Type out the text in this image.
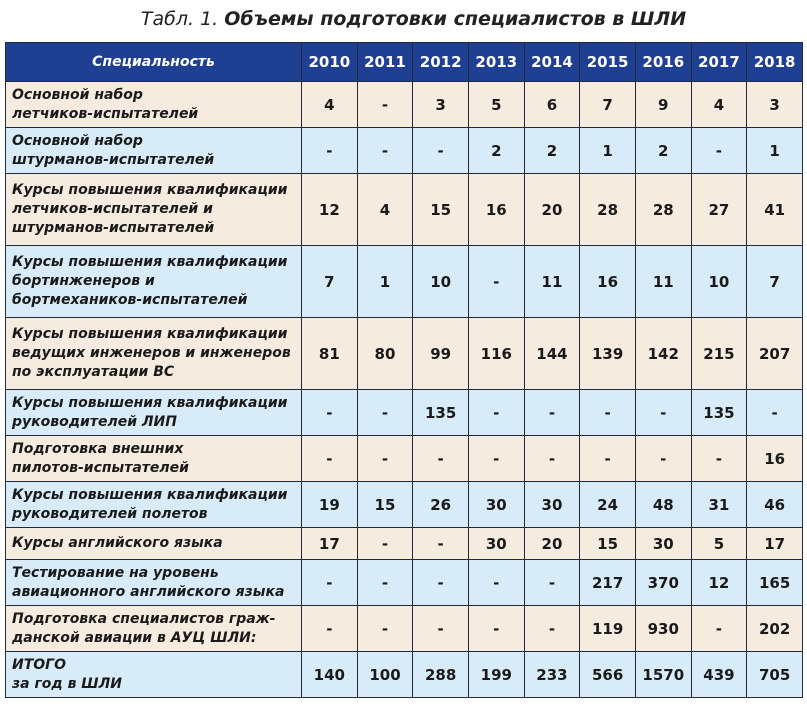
Табл. 1. Объемы подготовки специалистов в ШЛИ
Специальность	2010	2011	2012	2013	2014	2015	2016	2017	2018
Основной набор
летчиков-испытателей	4	-	3	5	6	7	9	4	3
Основной набор
штурманов-испытателей	-	-	-	2	2	1	2	-	1
Курсы повышения квалификации
летчиков-испытателей и
штурманов-испытателей	12	4	15	16	20	28	28	27	41
Курсы повышения квалификации
бортинженеров и
бортмехаников-испытателей	7	1	10	-	11	16	11	10	7
Курсы повышения квалификации
ведущих инженеров и инженеров
по эксплуатации ВС	81	80	99	116	144	139	142	215	207
Курсы повышения квалификации
руководителей ЛИП	-	-	135	-	-	-	-	135	-
Подготовка внешних
пилотов-испытателей	-	-	-	-	-	-	-	-	16
Курсы повышения квалификации
руководителей полетов	19	15	26	30	30	24	48	31	46
Курсы английского языка	17	-	-	30	20	15	30	5	17
Тестирование на уровень
авиационного английского языка	-	-	-	-	-	217	370	12	165
Подготовка специалистов граж-
данской авиации в АУЦ ШЛИ:	-	-	-	-	-	119	930	-	202
ИТОГО
за год в ШЛИ	140	100	288	199	233	566	1570	439	705
